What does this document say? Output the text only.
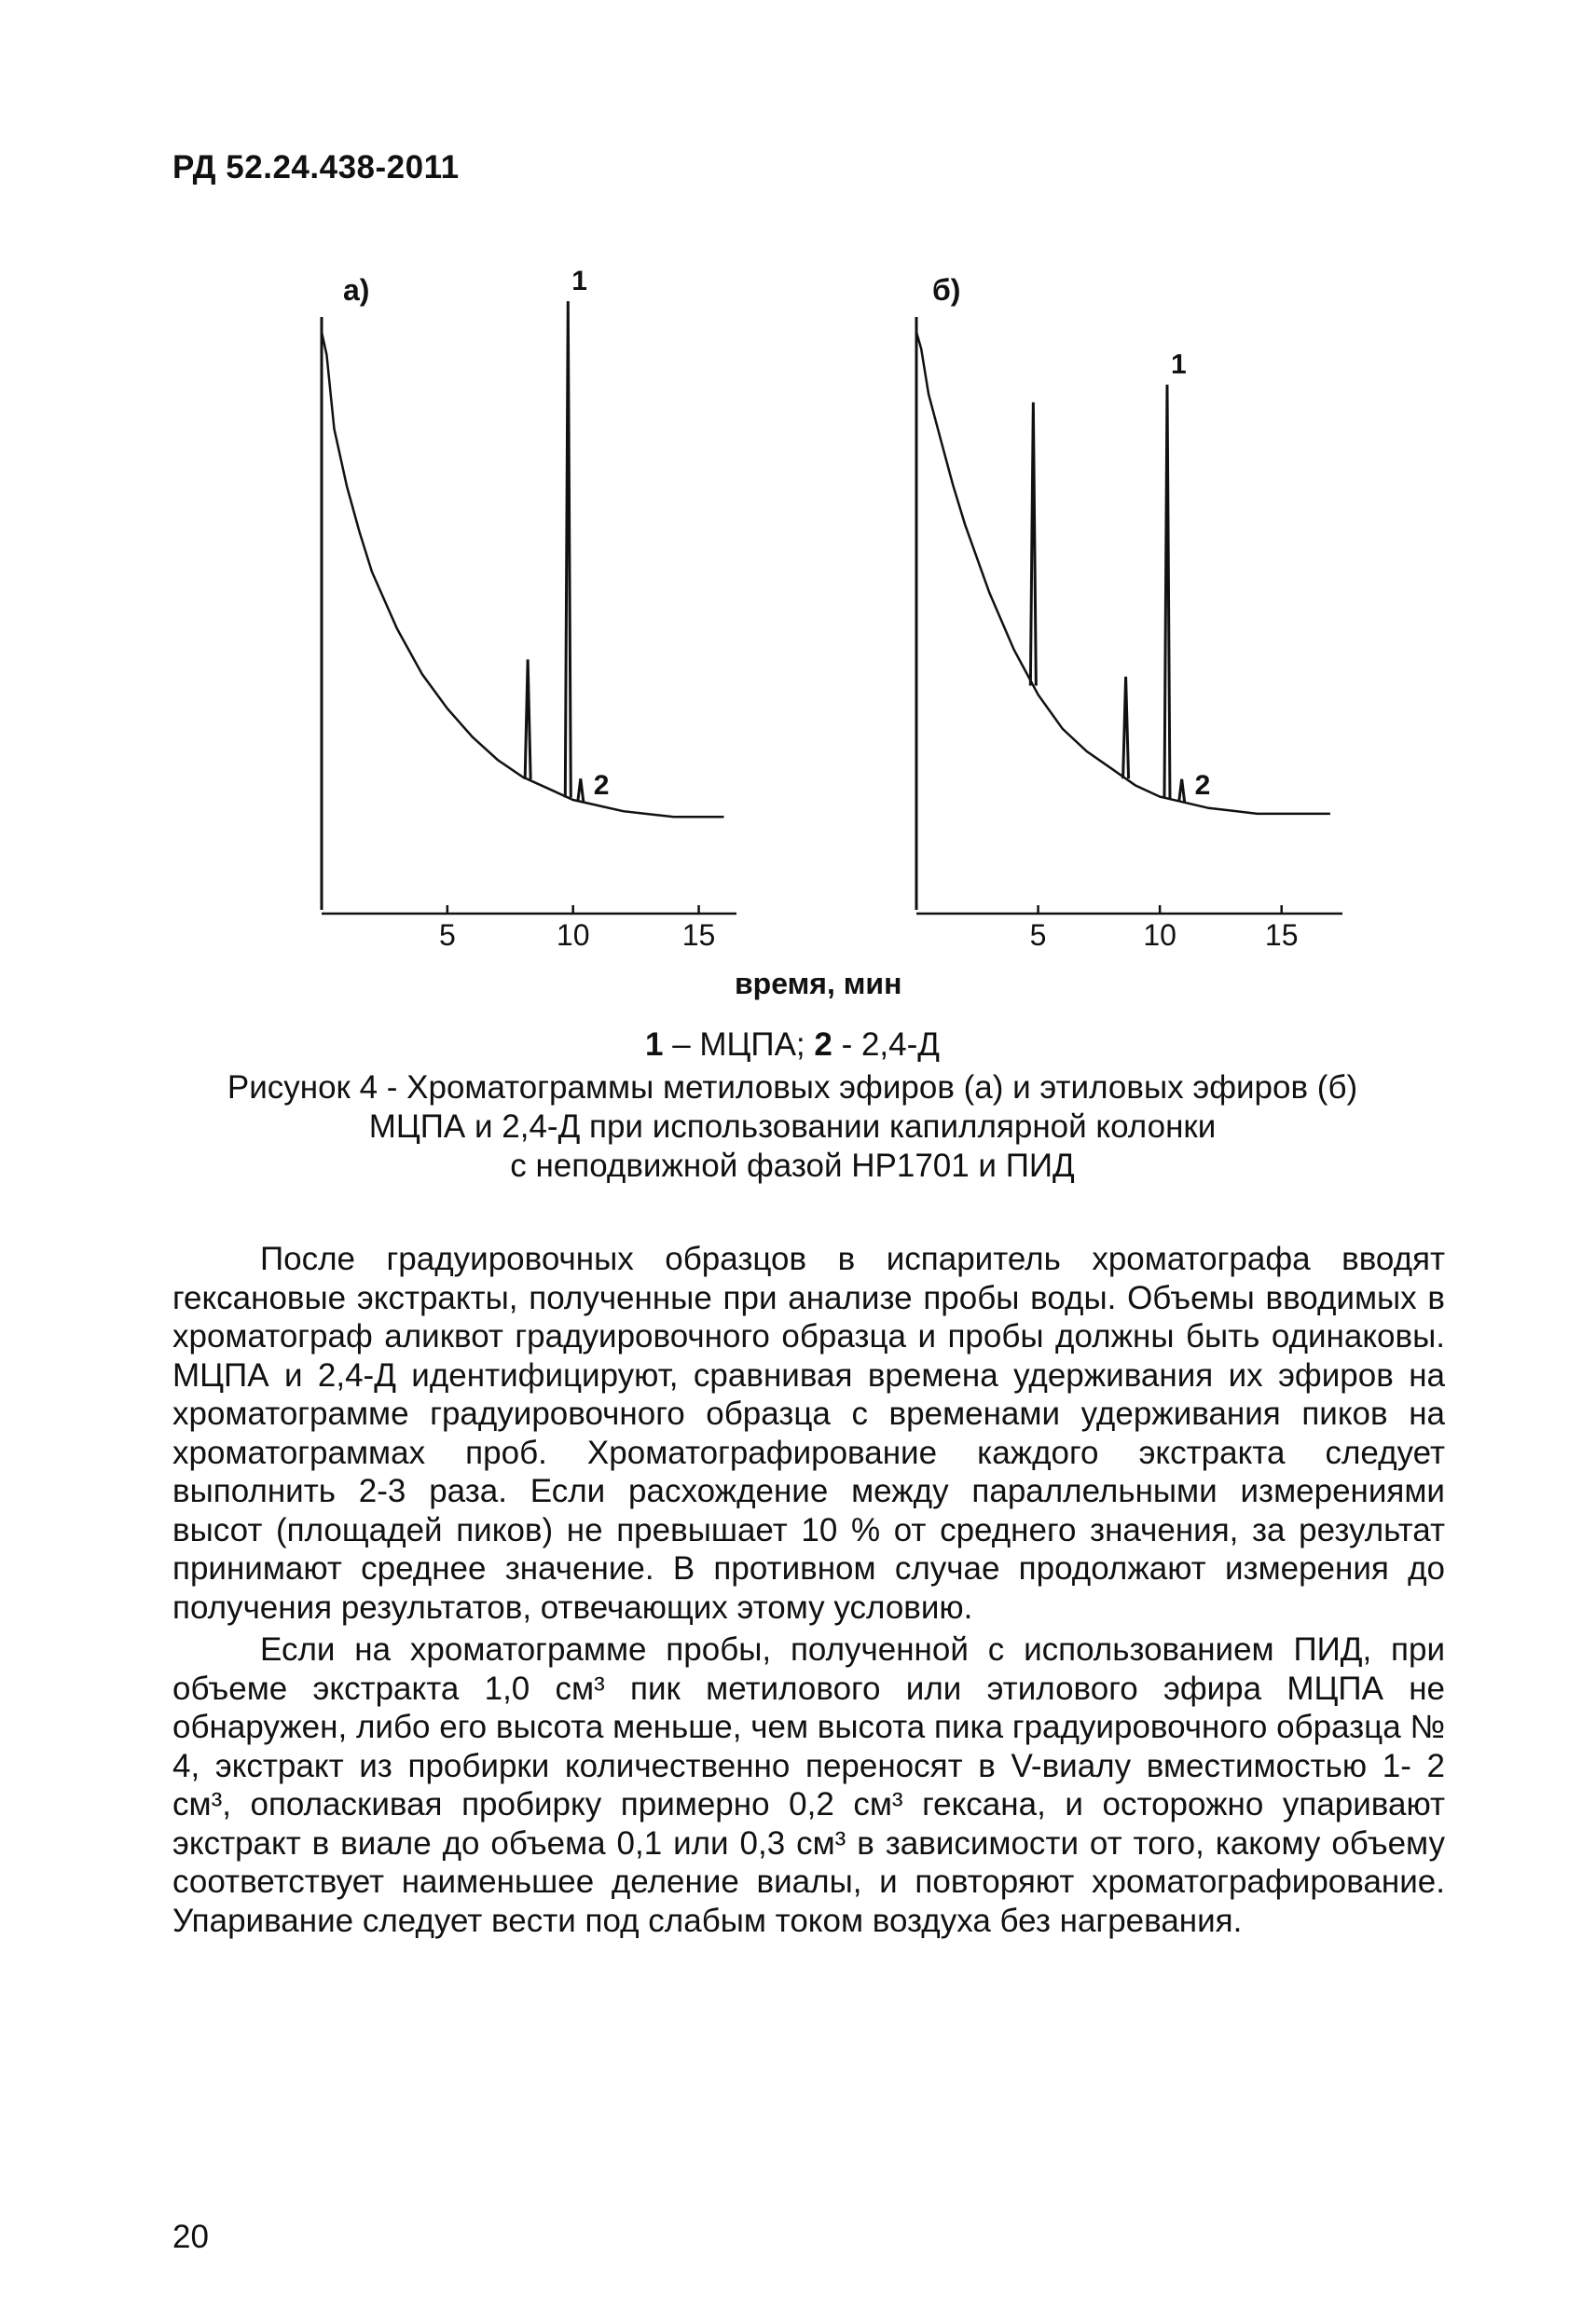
РД 52.24.438-2011
а)	б)
5	10	15
1
2
5	10	15
1
2
время, мин
1 – МЦПА; 2 - 2,4-Д
Рисунок 4 - Хроматограммы метиловых эфиров (а) и этиловых эфиров (б)
МЦПА и 2,4-Д при использовании капиллярной колонки
с неподвижной фазой НР1701 и ПИД

После градуировочных образцов в испаритель хроматографа вводят гексановые экстракты, полученные при анализе пробы воды. Объемы вводимых в хроматограф аликвот градуировочного образца и пробы должны быть одинаковы. МЦПА и 2,4-Д идентифицируют, сравнивая времена удерживания их эфиров на хроматограмме градуировочного образца с временами удерживания пиков на хроматограммах проб. Хроматографирование каждого экстракта следует выполнить 2-3 раза. Если расхождение между параллельными измерениями высот (площадей пиков) не превышает 10 % от среднего значения, за результат принимают среднее значение. В противном случае продолжают измерения до получения результатов, отвечающих этому условию.

Если на хроматограмме пробы, полученной с использованием ПИД, при объеме экстракта 1,0 см³ пик метилового или этилового эфира МЦПА не обнаружен, либо его высота меньше, чем высота пика градуировочного образца № 4, экстракт из пробирки количественно переносят в V-виалу вместимостью 1- 2 см³, ополаскивая пробирку примерно 0,2 см³ гексана, и осторожно упаривают экстракт в виале до объема 0,1 или 0,3 см³ в зависимости от того, какому объему соответствует наименьшее деление виалы, и повторяют хроматографирование. Упаривание следует вести под слабым током воздуха без нагревания.

20
